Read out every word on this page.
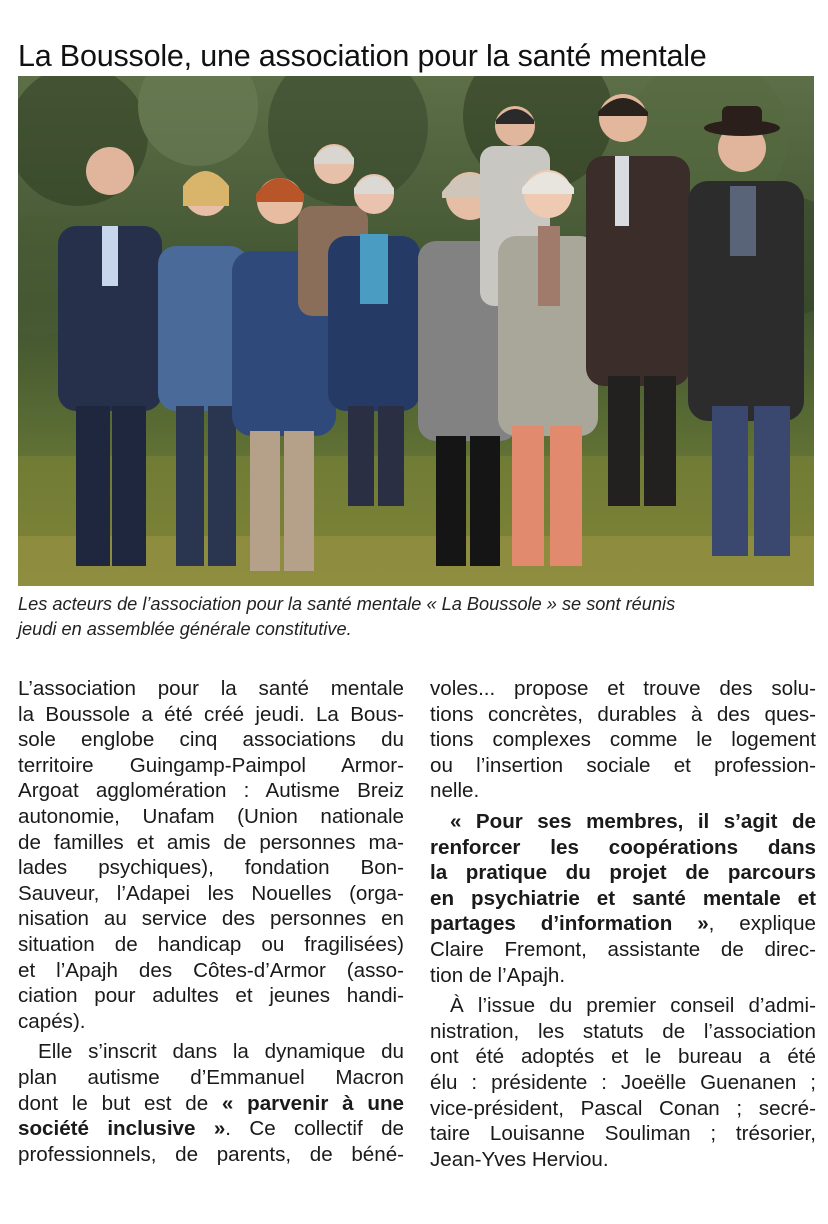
La Boussole, une association pour la santé mentale
Les acteurs de l’association pour la santé mentale « La Boussole » se sont réunis
jeudi en assemblée générale constitutive.

L’association pour la santé mentale
la Boussole a été créé jeudi. La Bous-
sole englobe cinq associations du
territoire Guingamp-Paimpol Armor-
Argoat agglomération : Autisme Breiz
autonomie, Unafam (Union nationale
de familles et amis de personnes ma-
lades psychiques), fondation Bon-
Sauveur, l’Adapei les Nouelles (orga-
nisation au service des personnes en
situation de handicap ou fragilisées)
et l’Apajh des Côtes-d’Armor (asso-
ciation pour adultes et jeunes handi-
capés).

Elle s’inscrit dans la dynamique du
plan autisme d’Emmanuel Macron
dont le but est de « parvenir à une
société inclusive ». Ce collectif de
professionnels, de parents, de béné-

voles... propose et trouve des solu-
tions concrètes, durables à des ques-
tions complexes comme le logement
ou l’insertion sociale et profession-
nelle.

« Pour ses membres, il s’agit de
renforcer les coopérations dans
la pratique du projet de parcours
en psychiatrie et santé mentale et
partages d’information », explique
Claire Fremont, assistante de direc-
tion de l’Apajh.

À l’issue du premier conseil d’admi-
nistration, les statuts de l’association
ont été adoptés et le bureau a été
élu : présidente : Joeëlle Guenanen ;
vice-président, Pascal Conan ; secré-
taire Louisanne Souliman ; trésorier,
Jean-Yves Herviou.
